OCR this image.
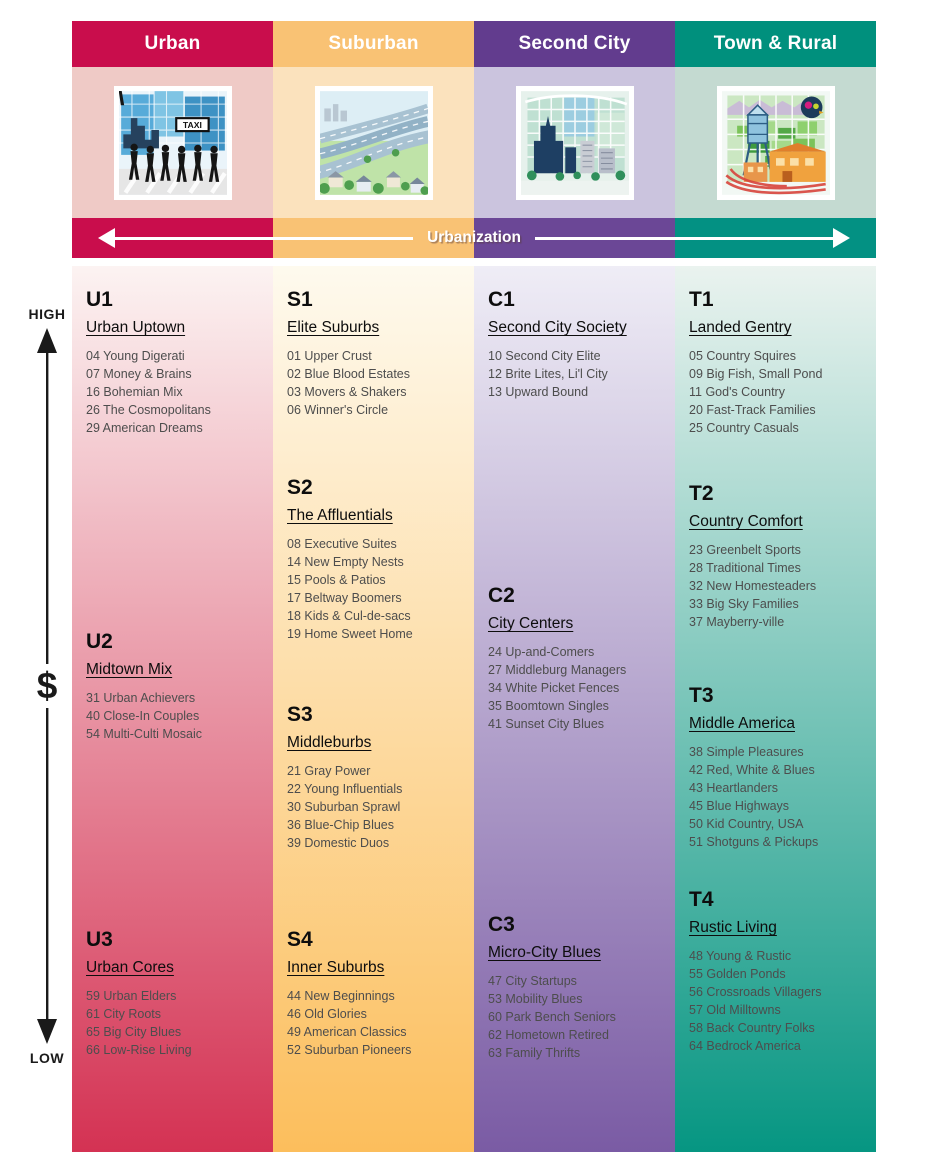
HIGH
$
LOW
Urban
TAXI
U1
Urban Uptown
04 Young Digerati
07 Money & Brains
16 Bohemian Mix
26 The Cosmopolitans
29 American Dreams
U2
Midtown Mix
31 Urban Achievers
40 Close-In Couples
54 Multi-Culti Mosaic
U3
Urban Cores
59 Urban Elders
61 City Roots
65 Big City Blues
66 Low-Rise Living
Suburban
S1
Elite Suburbs
01 Upper Crust
02 Blue Blood Estates
03 Movers & Shakers
06 Winner's Circle
S2
The Affluentials
08 Executive Suites
14 New Empty Nests
15 Pools & Patios
17 Beltway Boomers
18 Kids & Cul-de-sacs
19 Home Sweet Home
S3
Middleburbs
21 Gray Power
22 Young Influentials
30 Suburban Sprawl
36 Blue-Chip Blues
39 Domestic Duos
S4
Inner Suburbs
44 New Beginnings
46 Old Glories
49 American Classics
52 Suburban Pioneers
Second City
C1
Second City Society
10 Second City Elite
12 Brite Lites, Li'l City
13 Upward Bound
C2
City Centers
24 Up-and-Comers
27 Middleburg Managers
34 White Picket Fences
35 Boomtown Singles
41 Sunset City Blues
C3
Micro-City Blues
47 City Startups
53 Mobility Blues
60 Park Bench Seniors
62 Hometown Retired
63 Family Thrifts
Town & Rural
T1
Landed Gentry
05 Country Squires
09 Big Fish, Small Pond
11 God's Country
20 Fast-Track Families
25 Country Casuals
T2
Country Comfort
23 Greenbelt Sports
28 Traditional Times
32 New Homesteaders
33 Big Sky Families
37 Mayberry-ville
T3
Middle America
38 Simple Pleasures
42 Red, White & Blues
43 Heartlanders
45 Blue Highways
50 Kid Country, USA
51 Shotguns & Pickups
T4
Rustic Living
48 Young & Rustic
55 Golden Ponds
56 Crossroads Villagers
57 Old Milltowns
58 Back Country Folks
64 Bedrock America
Urbanization
